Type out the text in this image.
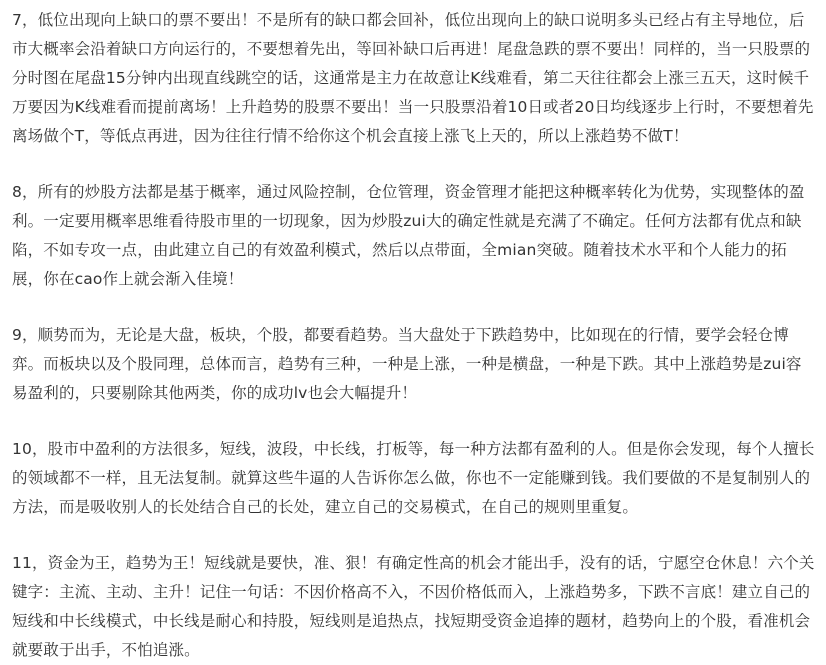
7，低位出现向上缺口的票不要出！不是所有的缺口都会回补，低位出现向上的缺口说明多头已经占有主导地位，后市大概率会沿着缺口方向运行的，不要想着先出，等回补缺口后再进！尾盘急跌的票不要出！同样的，当一只股票的分时图在尾盘15分钟内出现直线跳空的话，这通常是主力在故意让K线难看，第二天往往都会上涨三五天，这时候千万要因为K线难看而提前离场！上升趋势的股票不要出！当一只股票沿着10日或者20日均线逐步上行时，不要想着先离场做个T，等低点再进，因为往往行情不给你这个机会直接上涨飞上天的，所以上涨趋势不做T！

8，所有的炒股方法都是基于概率，通过风险控制，仓位管理，资金管理才能把这种概率转化为优势，实现整体的盈利。一定要用概率思维看待股市里的一切现象，因为炒股zui大的确定性就是充满了不确定。任何方法都有优点和缺陷，不如专攻一点，由此建立自己的有效盈利模式，然后以点带面，全mian突破。随着技术水平和个人能力的拓展，你在cao作上就会渐入佳境！

9，顺势而为，无论是大盘，板块，个股，都要看趋势。当大盘处于下跌趋势中，比如现在的行情，要学会轻仓博弈。而板块以及个股同理，总体而言，趋势有三种，一种是上涨，一种是横盘，一种是下跌。其中上涨趋势是zui容易盈利的，只要剔除其他两类，你的成功lv也会大幅提升！

10，股市中盈利的方法很多，短线，波段，中长线，打板等，每一种方法都有盈利的人。但是你会发现，每个人擅长的领域都不一样，且无法复制。就算这些牛逼的人告诉你怎么做，你也不一定能赚到钱。我们要做的不是复制别人的方法，而是吸收别人的长处结合自己的长处，建立自己的交易模式，在自己的规则里重复。

11，资金为王，趋势为王！短线就是要快，准、狠！有确定性高的机会才能出手，没有的话，宁愿空仓休息！六个关键字：主流、主动、主升！记住一句话：不因价格高不入，不因价格低而入，上涨趋势多，下跌不言底！建立自己的短线和中长线模式，中长线是耐心和持股，短线则是追热点，找短期受资金追捧的题材，趋势向上的个股，看准机会就要敢于出手，不怕追涨。
